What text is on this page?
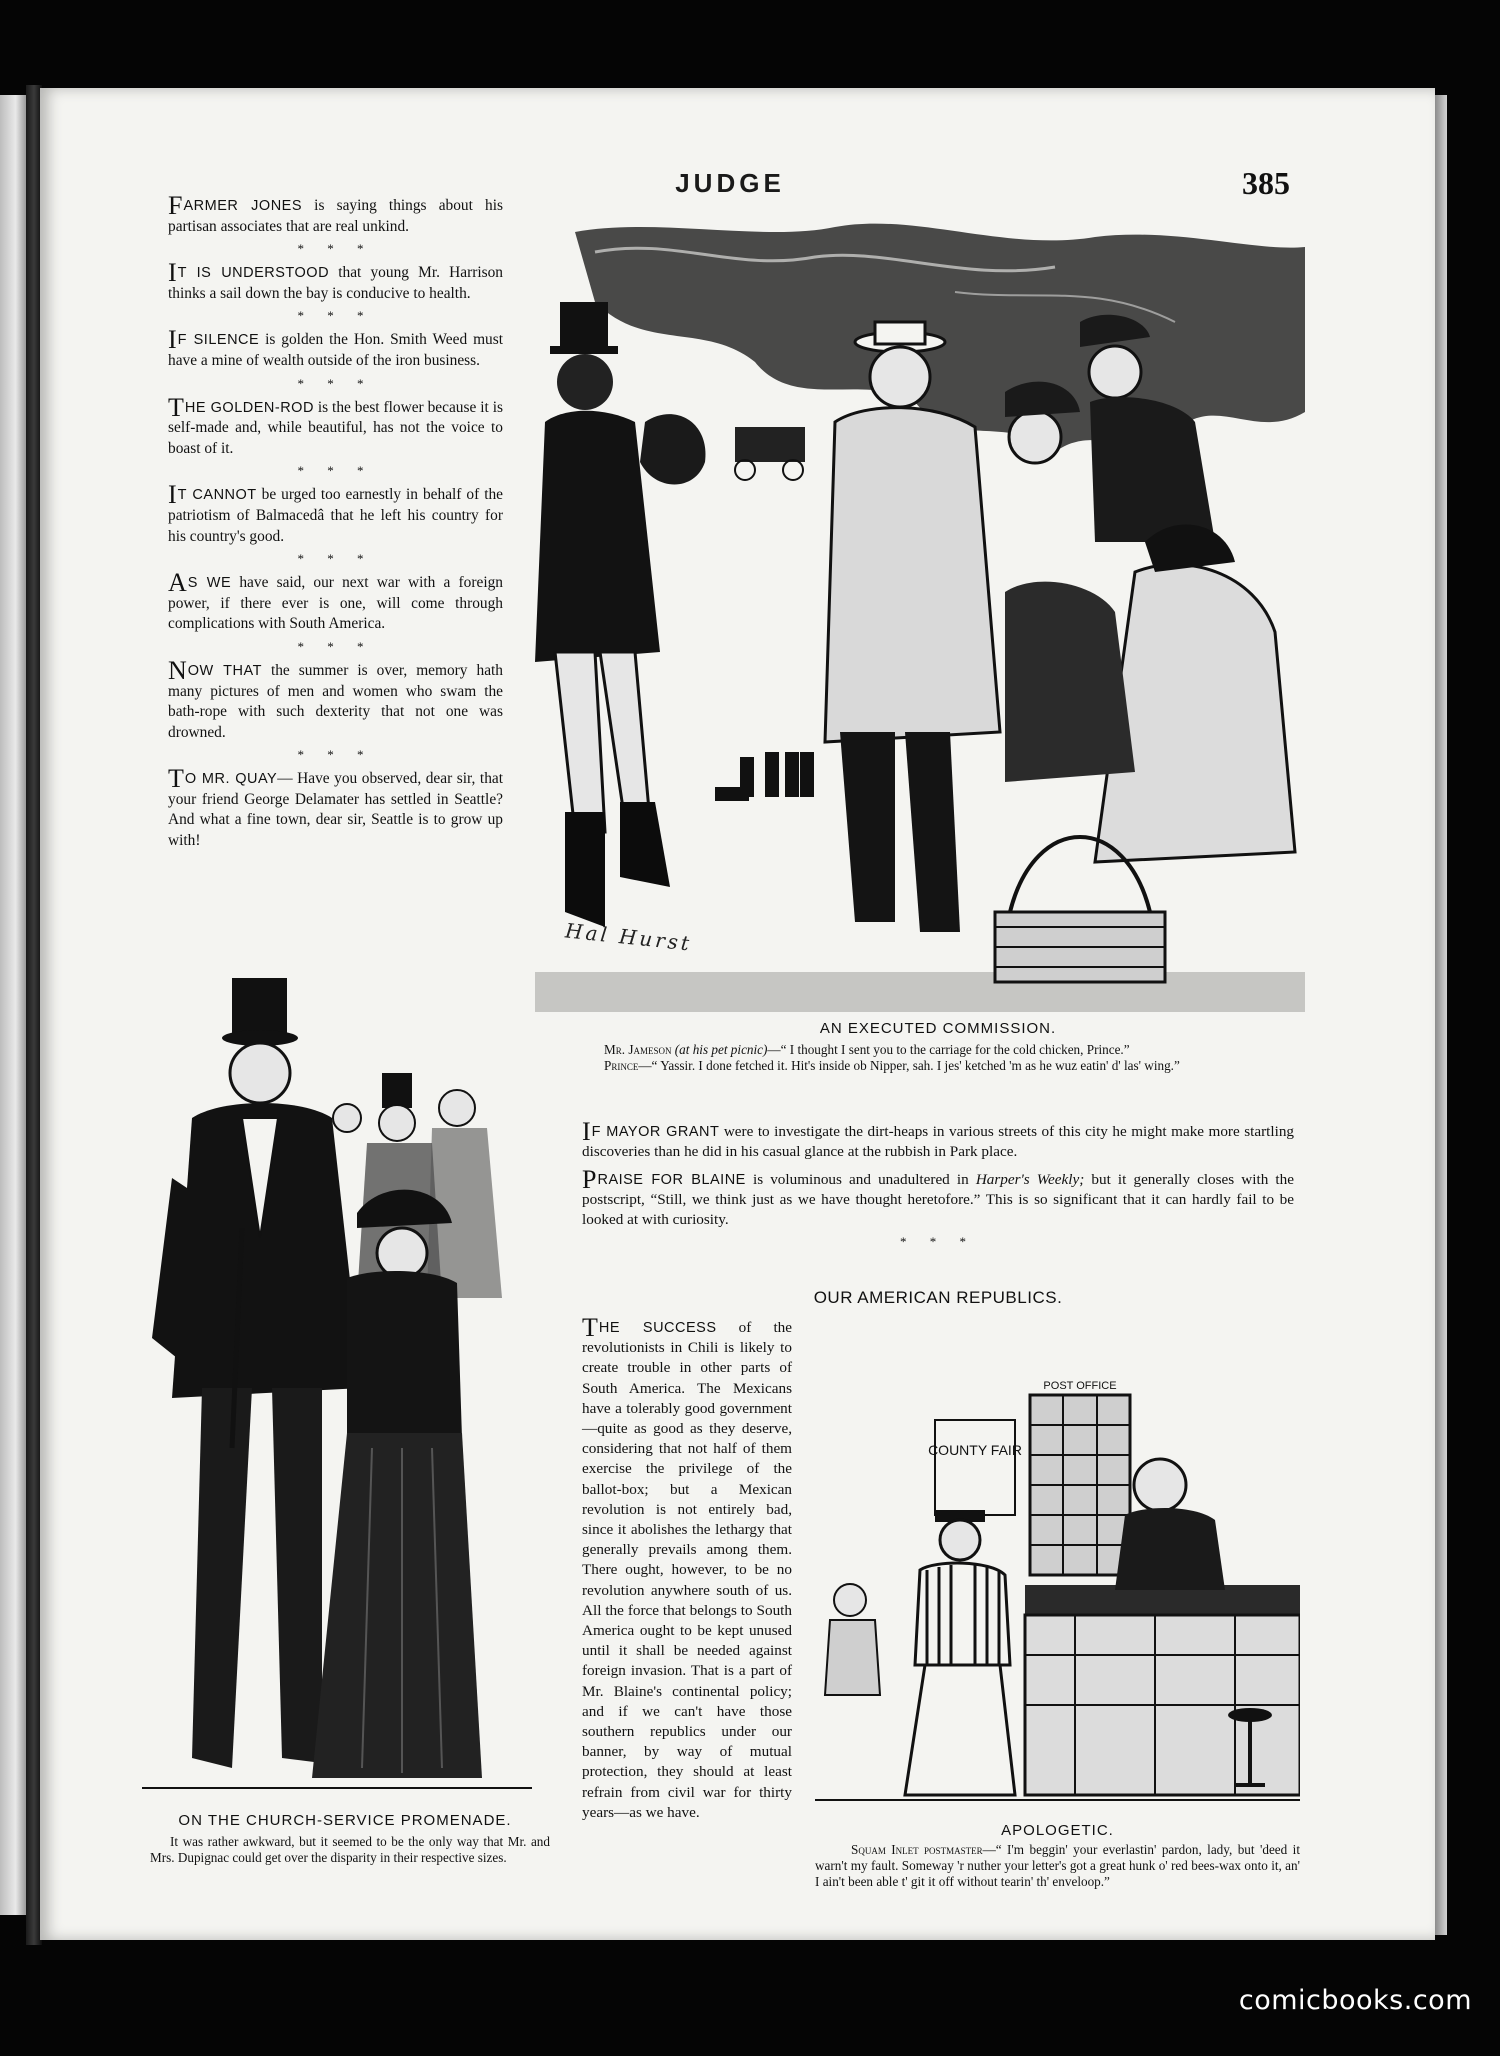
JUDGE	385

FARMER JONES is saying things about his partisan associates that are real unkind.

* * *

IT IS UNDERSTOOD that young Mr. Harrison thinks a sail down the bay is conducive to health.

* * *

IF SILENCE is golden the Hon. Smith Weed must have a mine of wealth outside of the iron business.

* * *

THE GOLDEN-ROD is the best flower because it is self-made and, while beautiful, has not the voice to boast of it.

* * *

IT CANNOT be urged too earnestly in behalf of the patriotism of Balmacedâ that he left his country for his country's good.

* * *

AS WE have said, our next war with a foreign power, if there ever is one, will come through complications with South America.

* * *

NOW THAT the summer is over, memory hath many pictures of men and women who swam the bath-rope with such dexterity that not one was drowned.

* * *

TO MR. QUAY— Have you observed, dear sir, that your friend George Delamater has settled in Seattle? And what a fine town, dear sir, Seattle is to grow up with!

Hal Hurst
AN EXECUTED COMMISSION.
Mr. Jameson (at his pet picnic)—“ I thought I sent you to the carriage for the cold chicken, Prince.”
Prince—“ Yassir. I done fetched it. Hit's inside ob Nipper, sah. I jes' ketched 'm as he wuz eatin' d' las' wing.”

IF MAYOR GRANT were to investigate the dirt-heaps in various streets of this city he might make more startling discoveries than he did in his casual glance at the rubbish in Park place.

PRAISE FOR BLAINE is voluminous and unadultered in Harper's Weekly; but it generally closes with the postscript, “Still, we think just as we have thought heretofore.” This is so significant that it can hardly fail to be looked at with curiosity.

* * *
OUR AMERICAN REPUBLICS.

THE SUCCESS of the revolutionists in Chili is likely to create trouble in other parts of South America. The Mexicans have a tolerably good government—quite as good as they deserve, considering that not half of them exercise the privilege of the ballot-box; but a Mexican revolution is not entirely bad, since it abolishes the lethargy that generally prevails among them. There ought, however, to be no revolution anywhere south of us. All the force that belongs to South America ought to be kept unused until it shall be needed against foreign invasion. That is a part of Mr. Blaine's continental policy; and if we can't have those southern republics under our banner, by way of mutual protection, they should at least refrain from civil war for thirty years—as we have.

COUNTY FAIR
POST OFFICE
APOLOGETIC.
Squam Inlet postmaster—“ I'm beggin' your everlastin' pardon, lady, but 'deed it warn't my fault. Someway 'r nuther your letter's got a great hunk o' red bees-wax onto it, an' I ain't been able t' git it off without tearin' th' enveloop.”
ON THE CHURCH-SERVICE PROMENADE.
It was rather awkward, but it seemed to be the only way that Mr. and Mrs. Dupignac could get over the disparity in their respective sizes.
comicbooks.com
